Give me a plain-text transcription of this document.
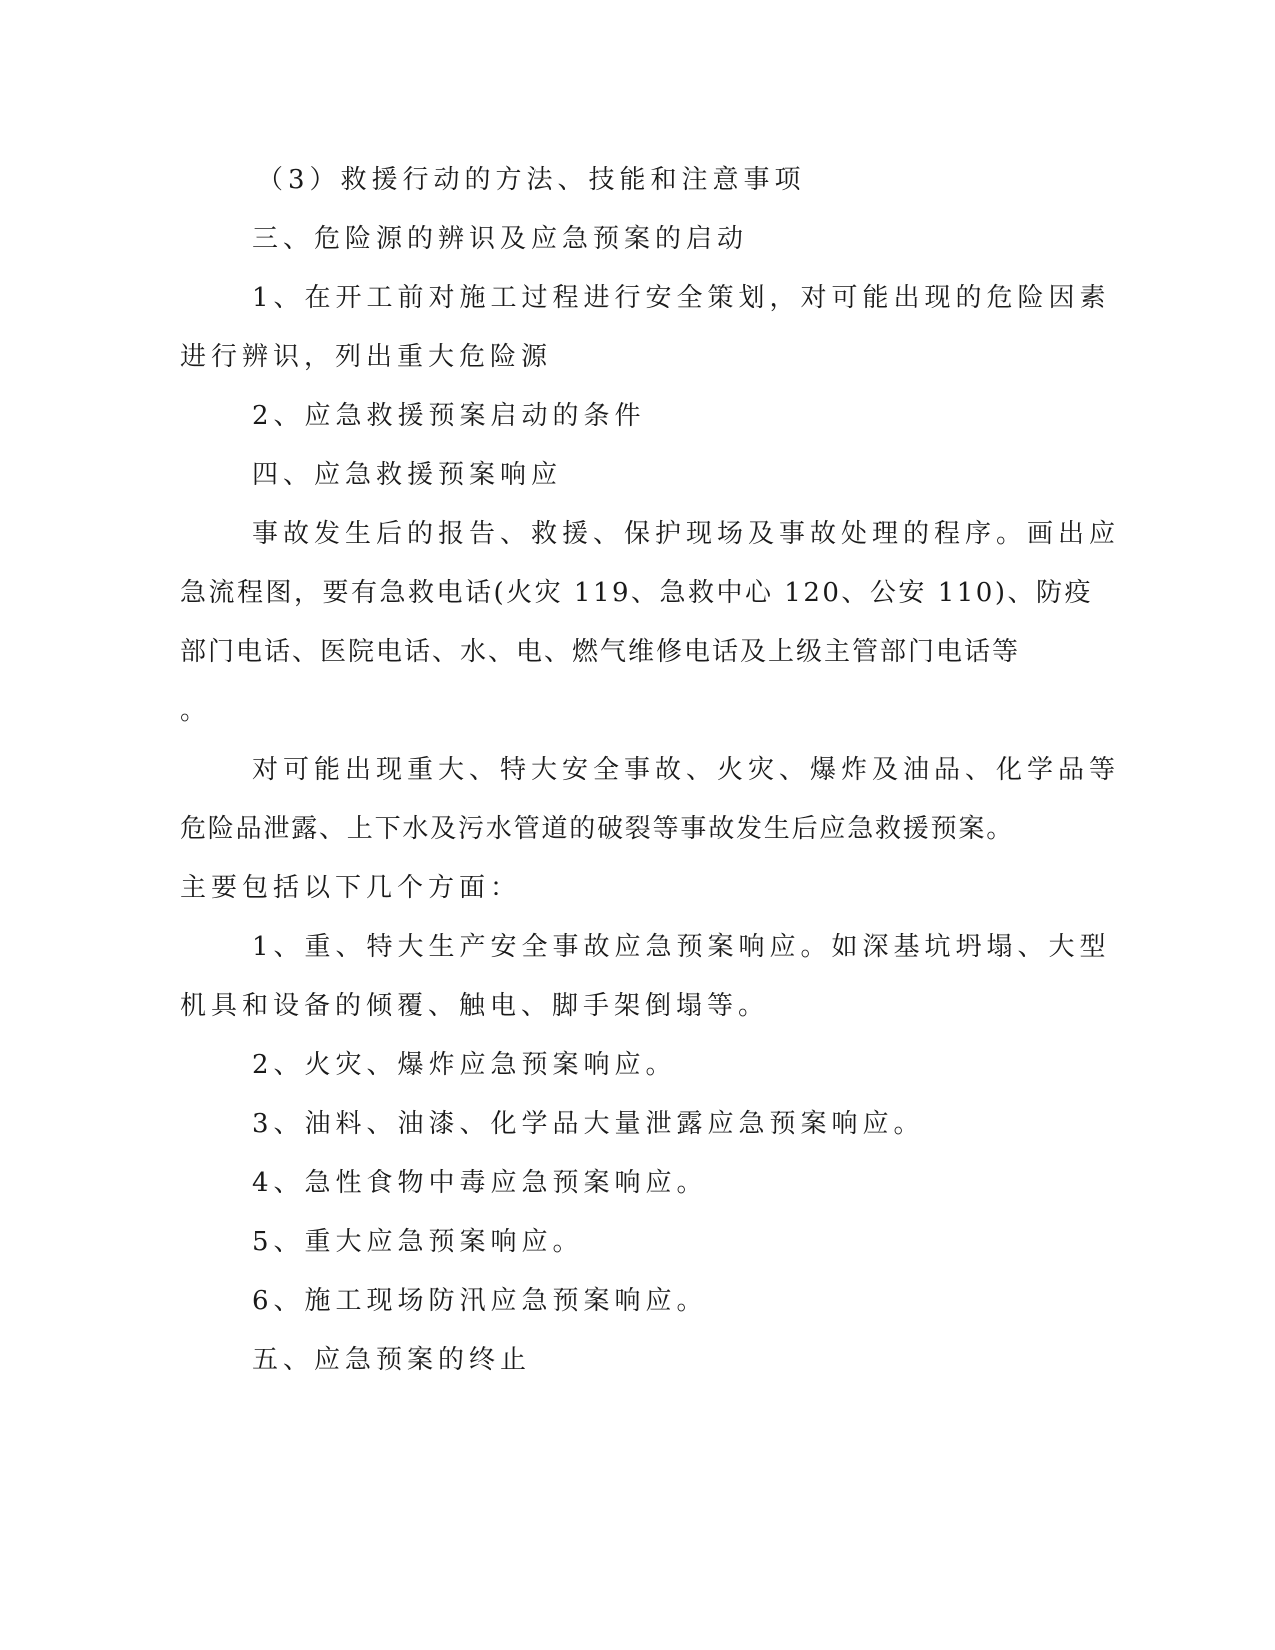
（3）救援行动的方法、技能和注意事项
三、危险源的辨识及应急预案的启动
1、在开工前对施工过程进行安全策划，对可能出现的危险因素
进行辨识，列出重大危险源
2、应急救援预案启动的条件
四、应急救援预案响应
事故发生后的报告、救援、保护现场及事故处理的程序。画出应
急流程图，要有急救电话(火灾 119、急救中心 120、公安 110)、防疫
部门电话、医院电话、水、电、燃气维修电话及上级主管部门电话等
。
对可能出现重大、特大安全事故、火灾、爆炸及油品、化学品等
危险品泄露、上下水及污水管道的破裂等事故发生后应急救援预案。
主要包括以下几个方面：
1、重、特大生产安全事故应急预案响应。如深基坑坍塌、大型
机具和设备的倾覆、触电、脚手架倒塌等。
2、火灾、爆炸应急预案响应。
3、油料、油漆、化学品大量泄露应急预案响应。
4、急性食物中毒应急预案响应。
5、重大应急预案响应。
6、施工现场防汛应急预案响应。
五、应急预案的终止
